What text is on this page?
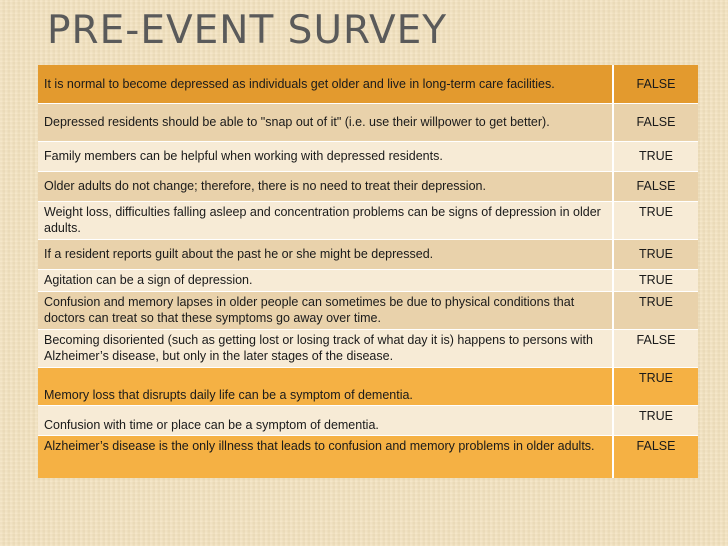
PRE-EVENT SURVEY
It is normal to become depressed as individuals get older and live in long-term care facilities.	FALSE
Depressed residents should be able to "snap out of it" (i.e. use their willpower to get better).	FALSE
Family members can be helpful when working with depressed residents.	TRUE
Older adults do not change; therefore, there is no need to treat their depression.	FALSE
Weight loss, difficulties falling asleep and concentration problems can be signs of depression in older adults.	TRUE
If a resident reports guilt about the past he or she might be depressed.	TRUE
Agitation can be a sign of depression.	TRUE
Confusion and memory lapses in older people can sometimes be due to physical conditions that doctors can treat so that these symptoms go away over time.	TRUE
Becoming disoriented (such as getting lost or losing track of what day it is) happens to persons with Alzheimer’s disease, but only in the later stages of the disease.	FALSE
Memory loss that disrupts daily life can be a symptom of dementia.	TRUE
Confusion with time or place can be a symptom of dementia.	TRUE
Alzheimer’s disease is the only illness that leads to confusion and memory problems in older adults.	FALSE
